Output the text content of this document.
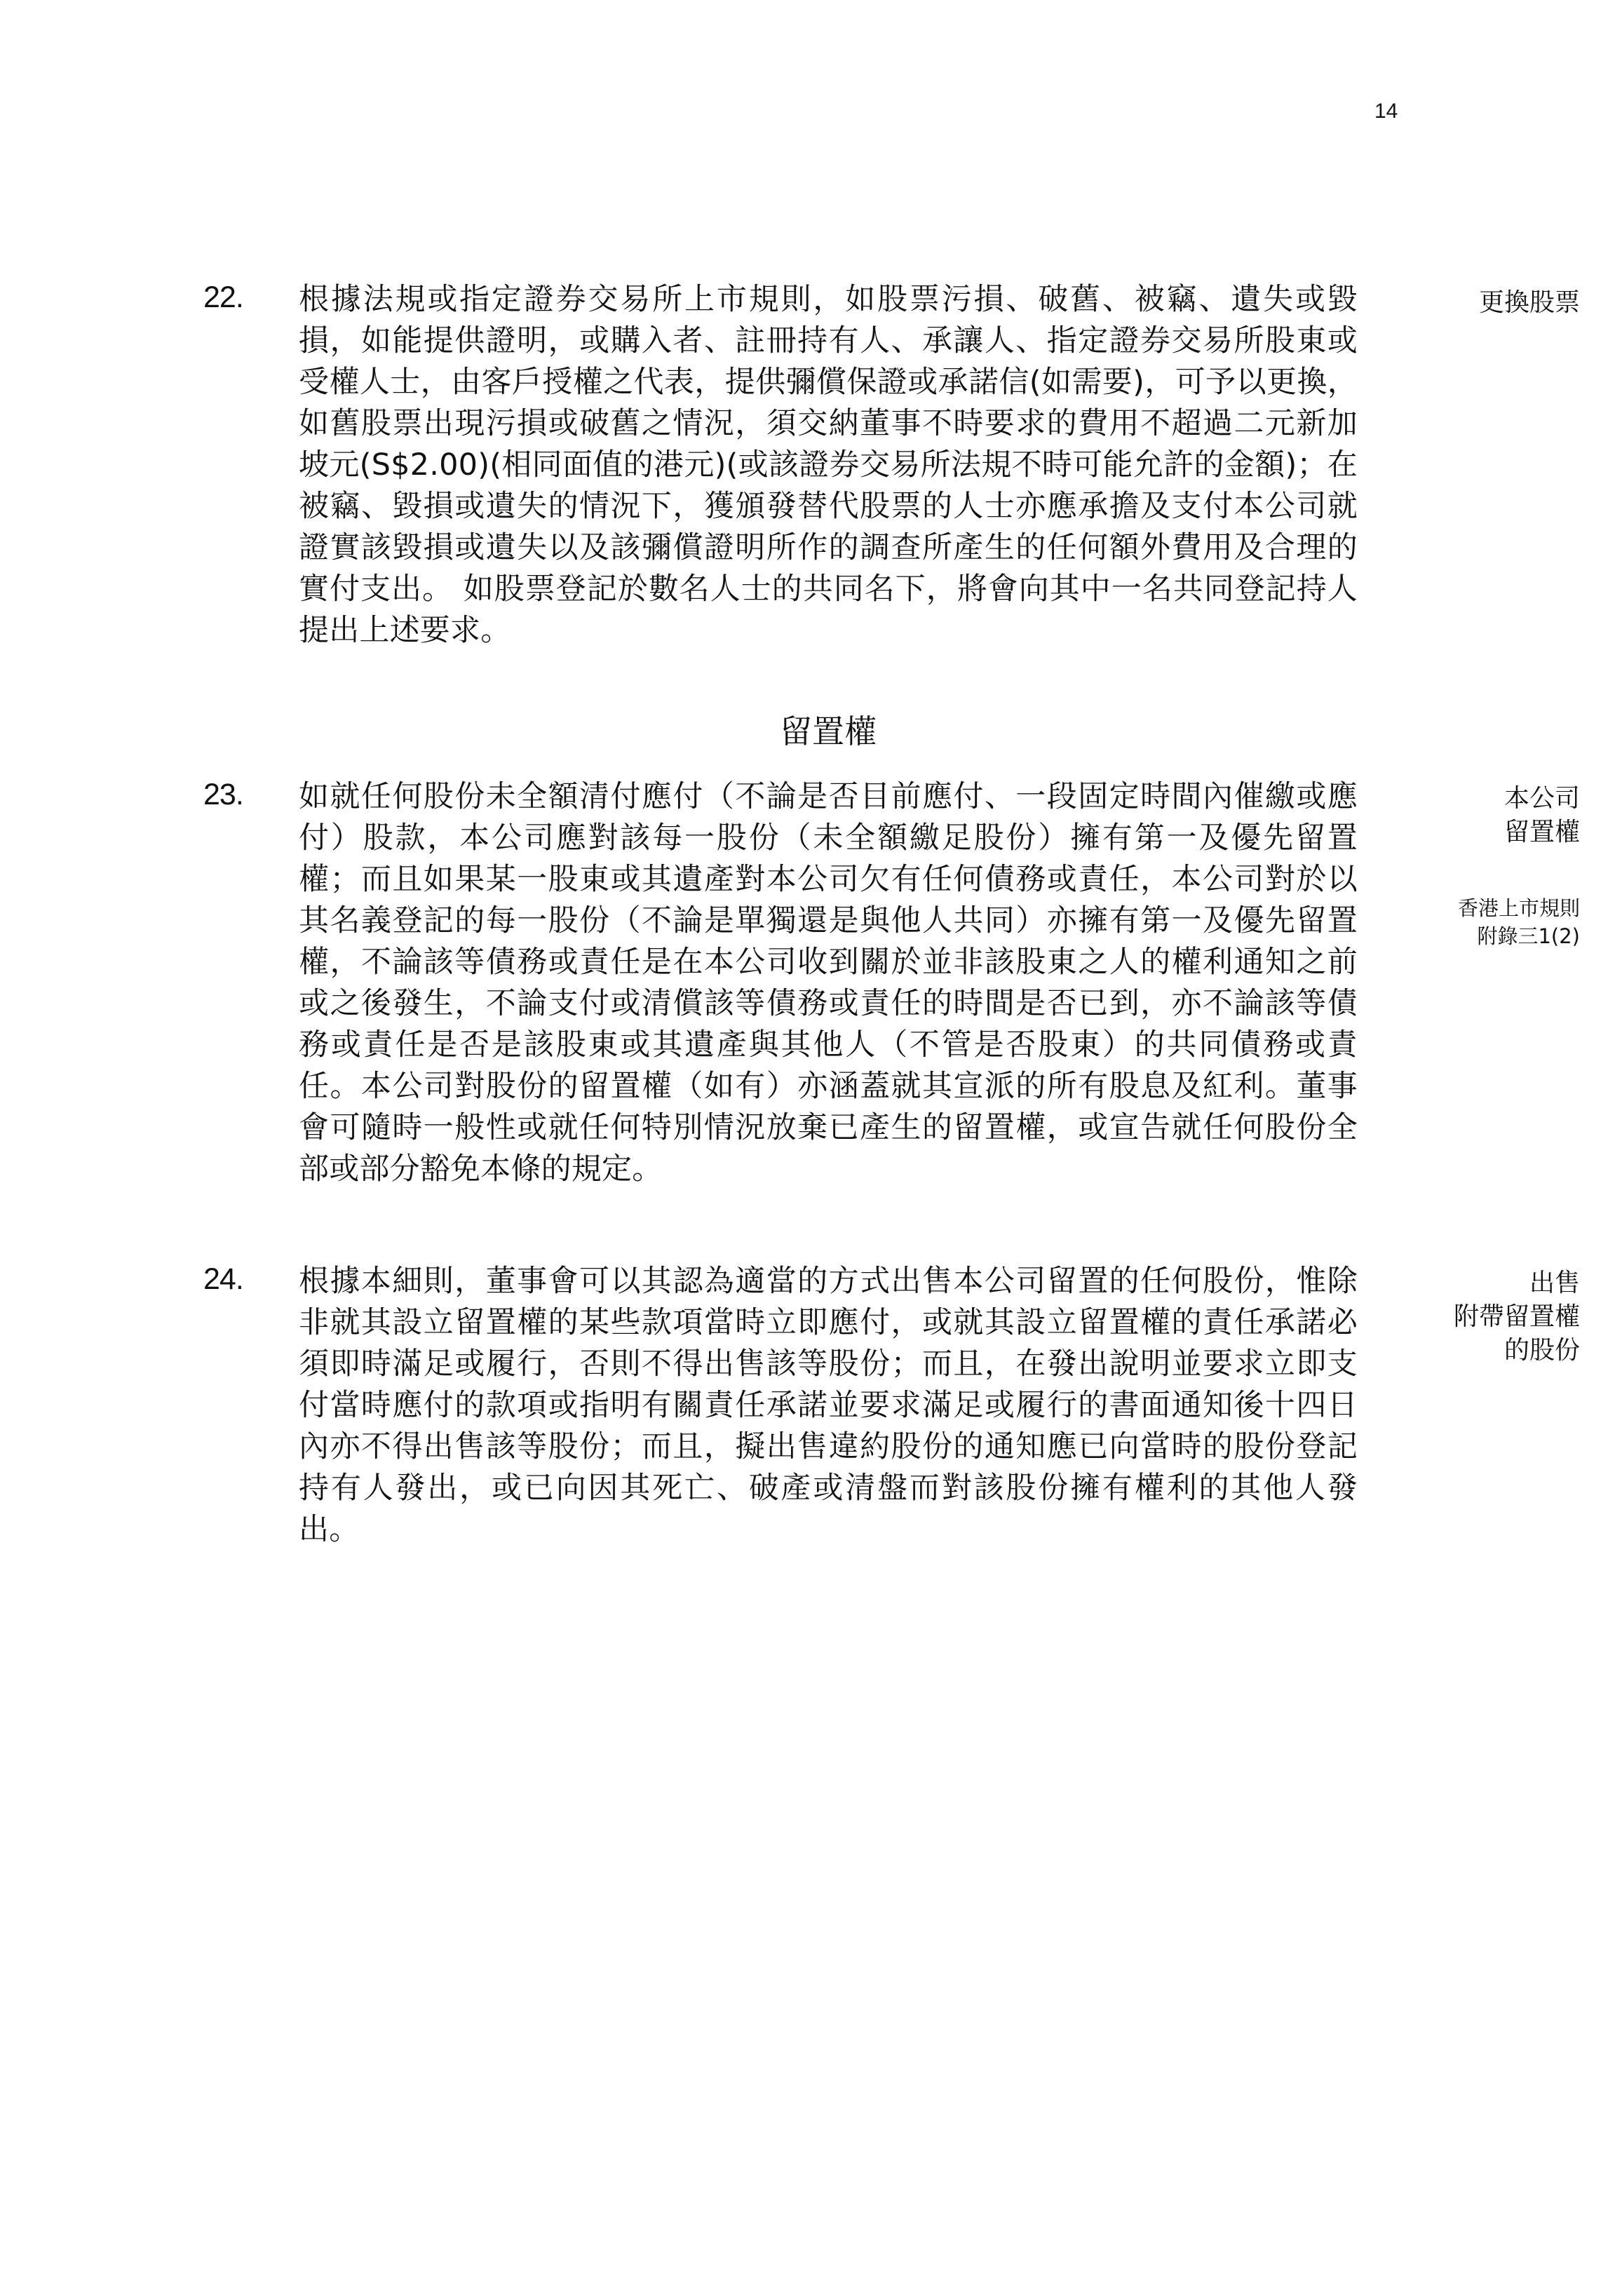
14
22. 根據法規或指定證券交易所上市規則，如股票污損、破舊、被竊、遺失或毀損，如能提供證明，或購入者、註冊持有人、承讓人、指定證券交易所股東或受權人士，由客戶授權之代表，提供彌償保證或承諾信(如需要)，可予以更換，如舊股票出現污損或破舊之情況，須交納董事不時要求的費用不超過二元新加坡元(S$2.00)(相同面值的港元)(或該證券交易所法規不時可能允許的金額)；在被竊、毀損或遺失的情況下，獲頒發替代股票的人士亦應承擔及支付本公司就證實該毀損或遺失以及該彌償證明所作的調查所產生的任何額外費用及合理的實付支出。 如股票登記於數名人士的共同名下，將會向其中一名共同登記持人提出上述要求。

更換股票
留置權
23. 如就任何股份未全額清付應付（不論是否目前應付、一段固定時間內催繳或應付）股款，本公司應對該每一股份（未全額繳足股份）擁有第一及優先留置權；而且如果某一股東或其遺產對本公司欠有任何債務或責任，本公司對於以其名義登記的每一股份（不論是單獨還是與他人共同）亦擁有第一及優先留置權，不論該等債務或責任是在本公司收到關於並非該股東之人的權利通知之前或之後發生，不論支付或清償該等債務或責任的時間是否已到，亦不論該等債務或責任是否是該股東或其遺產與其他人（不管是否股東）的共同債務或責任。本公司對股份的留置權（如有）亦涵蓋就其宣派的所有股息及紅利。董事會可隨時一般性或就任何特別情況放棄已產生的留置權，或宣告就任何股份全部或部分豁免本條的規定。

本公司
留置權
香港上市規則
附錄三1(2)
24. 根據本細則，董事會可以其認為適當的方式出售本公司留置的任何股份，惟除非就其設立留置權的某些款項當時立即應付，或就其設立留置權的責任承諾必須即時滿足或履行，否則不得出售該等股份；而且，在發出說明並要求立即支付當時應付的款項或指明有關責任承諾並要求滿足或履行的書面通知後十四日內亦不得出售該等股份；而且，擬出售違約股份的通知應已向當時的股份登記持有人發出，或已向因其死亡、破產或清盤而對該股份擁有權利的其他人發出。

出售
附帶留置權
的股份
